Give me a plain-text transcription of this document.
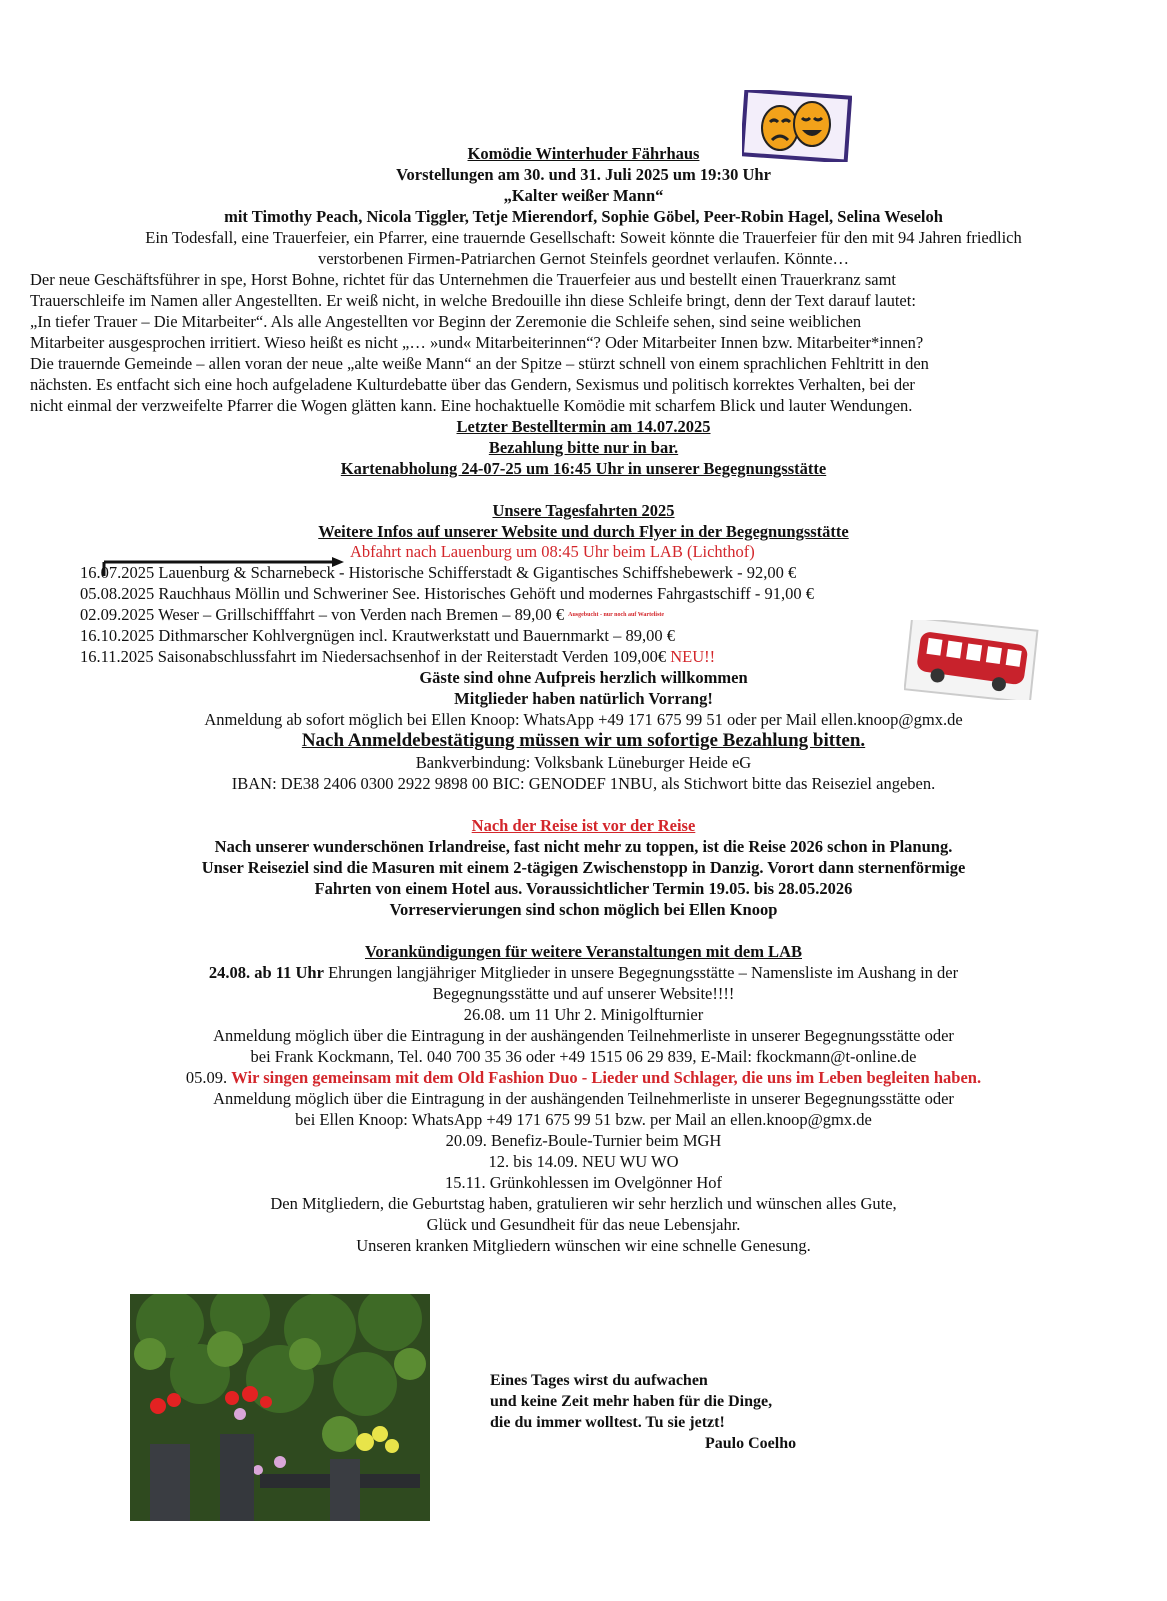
Komödie Winterhuder Fährhaus
Vorstellungen am 30. und 31. Juli 2025 um 19:30 Uhr
„Kalter weißer Mann“
mit Timothy Peach, Nicola Tiggler, Tetje Mierendorf, Sophie Göbel, Peer-Robin Hagel, Selina Weseloh
Ein Todesfall, eine Trauerfeier, ein Pfarrer, eine trauernde Gesellschaft: Soweit könnte die Trauerfeier für den mit 94 Jahren friedlich
verstorbenen Firmen-Patriarchen Gernot Steinfels geordnet verlaufen. Könnte…
Der neue Geschäftsführer in spe, Horst Bohne, richtet für das Unternehmen die Trauerfeier aus und bestellt einen Trauerkranz samt
Trauerschleife im Namen aller Angestellten. Er weiß nicht, in welche Bredouille ihn diese Schleife bringt, denn der Text darauf lautet:
„In tiefer Trauer – Die Mitarbeiter“. Als alle Angestellten vor Beginn der Zeremonie die Schleife sehen, sind seine weiblichen
Mitarbeiter ausgesprochen irritiert. Wieso heißt es nicht „… »und« Mitarbeiterinnen“? Oder Mitarbeiter Innen bzw. Mitarbeiter*innen?
Die trauernde Gemeinde – allen voran der neue „alte weiße Mann“ an der Spitze – stürzt schnell von einem sprachlichen Fehltritt in den
nächsten. Es entfacht sich eine hoch aufgeladene Kulturdebatte über das Gendern, Sexismus und politisch korrektes Verhalten, bei der
nicht einmal der verzweifelte Pfarrer die Wogen glätten kann. Eine hochaktuelle Komödie mit scharfem Blick und lauter Wendungen.
Letzter Bestelltermin am 14.07.2025
Bezahlung bitte nur in bar.
Kartenabholung 24-07-25 um 16:45 Uhr in unserer Begegnungsstätte
Unsere Tagesfahrten 2025
Weitere Infos auf unserer Website und durch Flyer in der Begegnungsstätte
Abfahrt nach Lauenburg um 08:45 Uhr beim LAB (Lichthof)
16.07.2025 Lauenburg & Scharnebeck - Historische Schifferstadt & Gigantisches Schiffshebewerk - 92,00 €
05.08.2025 Rauchhaus Möllin und Schweriner See. Historisches Gehöft und modernes Fahrgastschiff - 91,00 €
02.09.2025 Weser – Grillschifffahrt – von Verden nach Bremen – 89,00 € $^{Ausgebucht - nur noch auf Warteliste}$
16.10.2025 Dithmarscher Kohlvergnügen incl. Krautwerkstatt und Bauernmarkt – 89,00 €
16.11.2025 Saisonabschlussfahrt im Niedersachsenhof in der Reiterstadt Verden 109,00€ NEU!!
Gäste sind ohne Aufpreis herzlich willkommen
Mitglieder haben natürlich Vorrang!
Anmeldung ab sofort möglich bei Ellen Knoop: WhatsApp +49 171 675 99 51 oder per Mail ellen.knoop@gmx.de
Nach Anmeldebestätigung müssen wir um sofortige Bezahlung bitten.
Bankverbindung: Volksbank Lüneburger Heide eG
IBAN: DE38 2406 0300 2922 9898 00 BIC: GENODEF 1NBU, als Stichwort bitte das Reiseziel angeben.
Nach der Reise ist vor der Reise
Nach unserer wunderschönen Irlandreise, fast nicht mehr zu toppen, ist die Reise 2026 schon in Planung.
Unser Reiseziel sind die Masuren mit einem 2-tägigen Zwischenstopp in Danzig. Vorort dann sternenförmige
Fahrten von einem Hotel aus. Voraussichtlicher Termin 19.05. bis 28.05.2026
Vorreservierungen sind schon möglich bei Ellen Knoop
Vorankündigungen für weitere Veranstaltungen mit dem LAB
24.08. ab 11 Uhr Ehrungen langjähriger Mitglieder in unsere Begegnungsstätte – Namensliste im Aushang in der
Begegnungsstätte und auf unserer Website!!!!
26.08. um 11 Uhr 2. Minigolfturnier
Anmeldung möglich über die Eintragung in der aushängenden Teilnehmerliste in unserer Begegnungsstätte oder
bei Frank Kockmann, Tel. 040 700 35 36 oder +49 1515 06 29 839, E-Mail: fkockmann@t-online.de
05.09. Wir singen gemeinsam mit dem Old Fashion Duo - Lieder und Schlager, die uns im Leben begleiten haben.
Anmeldung möglich über die Eintragung in der aushängenden Teilnehmerliste in unserer Begegnungsstätte oder
bei Ellen Knoop: WhatsApp +49 171 675 99 51 bzw. per Mail an ellen.knoop@gmx.de
20.09. Benefiz-Boule-Turnier beim MGH
12. bis 14.09. NEU WU WO
15.11. Grünkohlessen im Ovelgönner Hof
Den Mitgliedern, die Geburtstag haben, gratulieren wir sehr herzlich und wünschen alles Gute,
Glück und Gesundheit für das neue Lebensjahr.
Unseren kranken Mitgliedern wünschen wir eine schnelle Genesung.
Eines Tages wirst du aufwachen
und keine Zeit mehr haben für die Dinge,
die du immer wolltest. Tu sie jetzt!
Paulo Coelho
